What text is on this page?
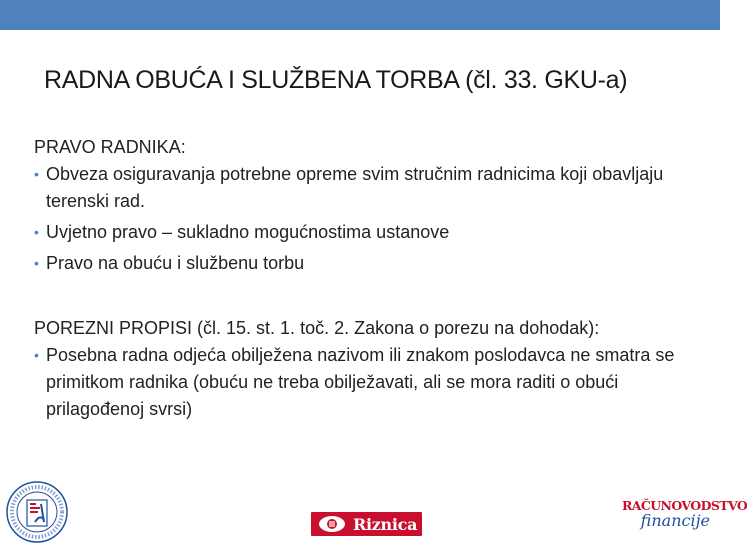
RADNA OBUĆA I SLUŽBENA TORBA (čl. 33. GKU-a)

PRAVO RADNIKA:

• Obveza osiguravanja potrebne opreme svim stručnim radnicima koji obavljaju terenski rad.

• Uvjetno pravo – sukladno mogućnostima ustanove

• Pravo na obuću i službenu torbu

POREZNI PROPISI (čl. 15. st. 1. toč. 2. Zakona o porezu na dohodak):

• Posebna radna odjeća obilježena nazivom ili znakom poslodavca ne smatra se primitkom radnika (obuću ne treba obilježavati, ali se mora raditi o obući prilagođenoj svrsi)

Riznica
RAČUNOVODSTVO
financije
